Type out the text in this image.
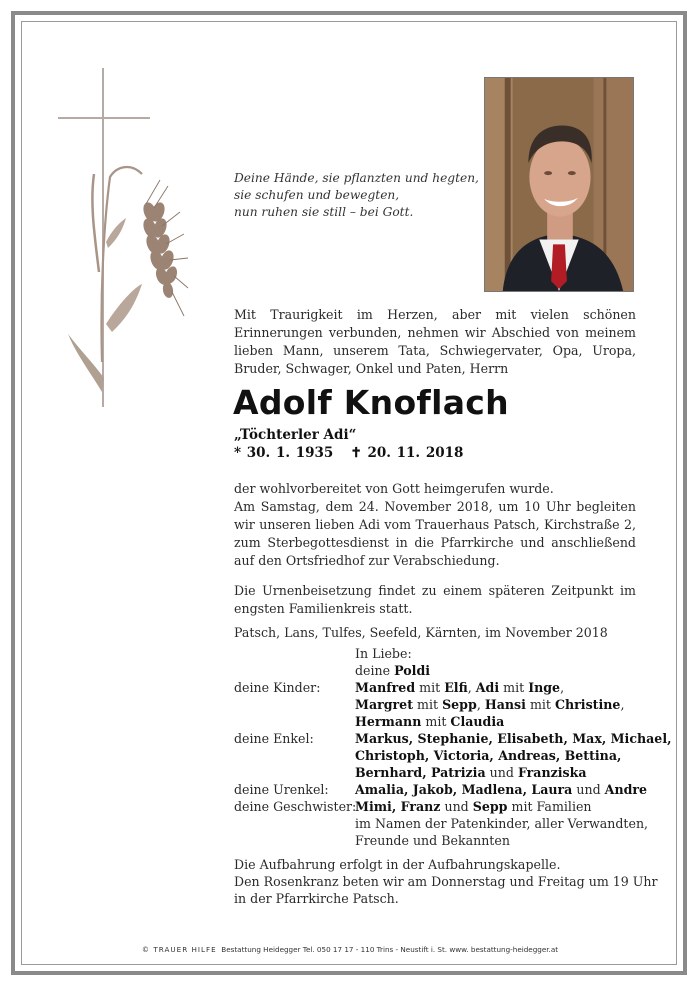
Deine Hände, sie pflanzten und hegten,
sie schufen und bewegten,
nun ruhen sie still – bei Gott.
Mit Traurigkeit im Herzen, aber mit vielen schönen Erinnerungen verbunden, nehmen wir Abschied von meinem lieben Mann, unserem Tata, Schwiegervater, Opa, Uropa, Bruder, Schwager, Onkel und Paten, Herrn
Adolf Knoflach
„Töchterler Adi“
* 30. 1. 1935 ✝ 20. 11. 2018
der wohlvorbereitet von Gott heimgerufen wurde.
Am Samstag, dem 24. November 2018, um 10 Uhr begleiten wir unseren lieben Adi vom Trauerhaus Patsch, Kirchstraße 2, zum Sterbegottesdienst in die Pfarrkirche und anschließend auf den Ortsfriedhof zur Verabschiedung.
Die Urnenbeisetzung findet zu einem späteren Zeitpunkt im engsten Familienkreis statt.
Patsch, Lans, Tulfes, Seefeld, Kärnten, im November 2018
In Liebe:
deine Poldi
deine Kinder:	Manfred mit Elfi, Adi mit Inge,
Margret mit Sepp, Hansi mit Christine,
Hermann mit Claudia
deine Enkel:	Markus, Stephanie, Elisabeth, Max, Michael,
Christoph, Victoria, Andreas, Bettina,
Bernhard, Patrizia und Franziska
deine Urenkel:	Amalia, Jakob, Madlena, Laura und Andre
deine Geschwister:
Mimi, Franz und Sepp mit Familien
im Namen der Patenkinder, aller Verwandten,
Freunde und Bekannten
Die Aufbahrung erfolgt in der Aufbahrungskapelle.
Den Rosenkranz beten wir am Donnerstag und Freitag um 19 Uhr
in der Pfarrkirche Patsch.
© TRAUER HILFE Bestattung Heidegger Tel. 050 17 17 - 110 Trins - Neustift i. St. www. bestattung-heidegger.at
